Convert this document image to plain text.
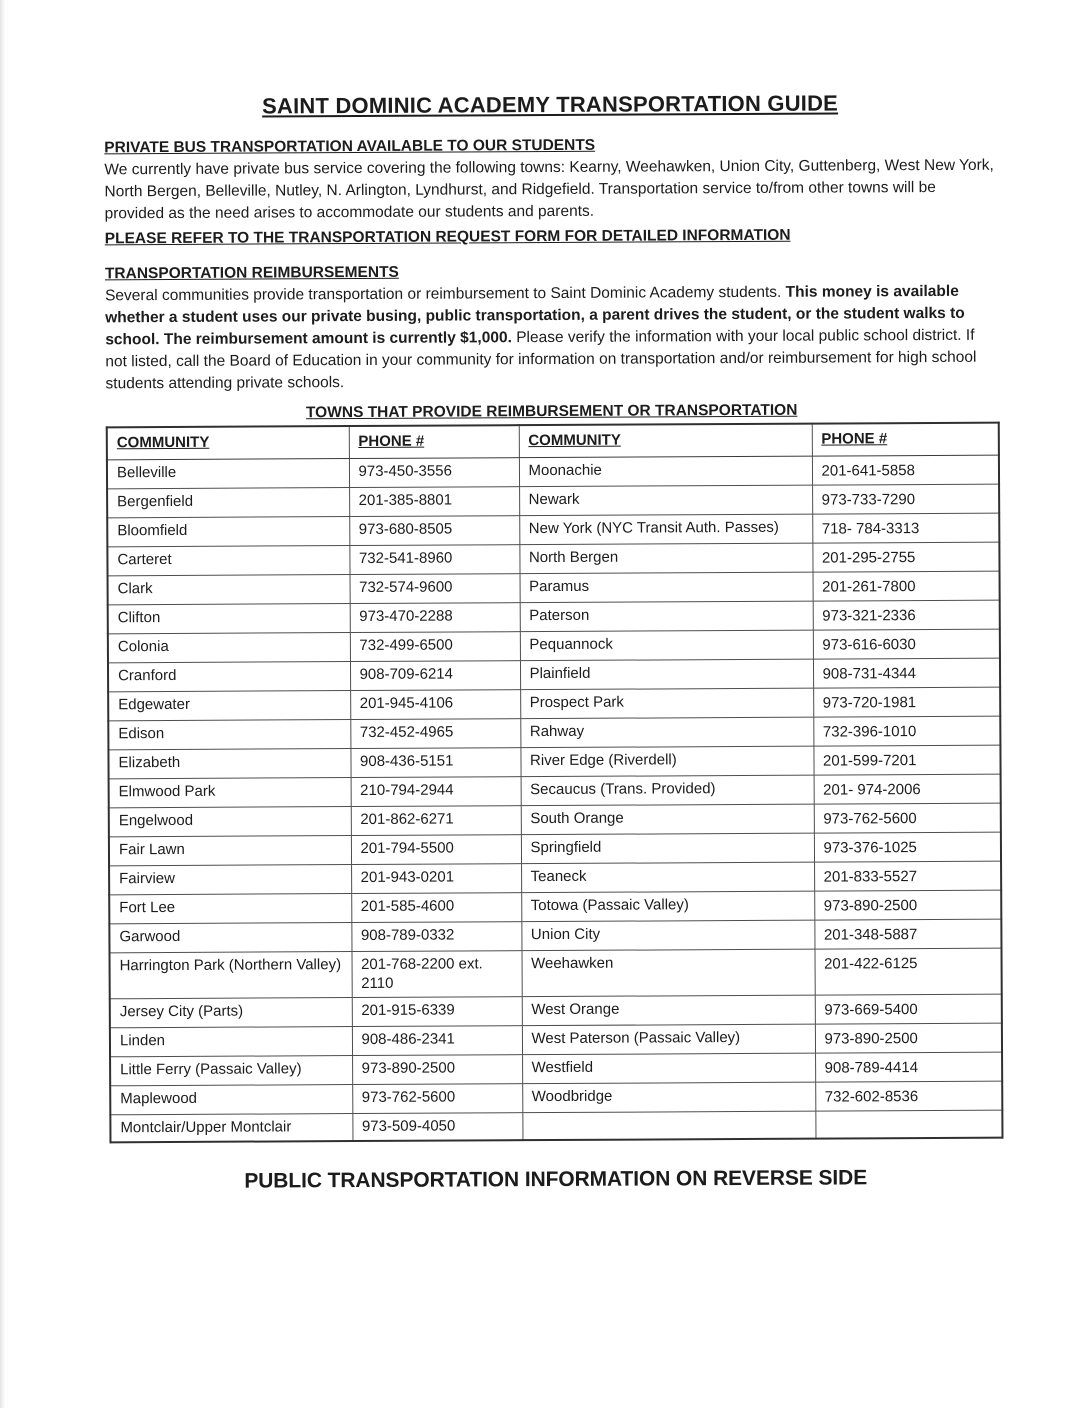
SAINT DOMINIC ACADEMY TRANSPORTATION GUIDE
PRIVATE BUS TRANSPORTATION AVAILABLE TO OUR STUDENTS

We currently have private bus service covering the following towns: Kearny, Weehawken, Union City, Guttenberg, West New York, North Bergen, Belleville, Nutley, N. Arlington, Lyndhurst, and Ridgefield. Transportation service to/from other towns will be provided as the need arises to accommodate our students and parents.

PLEASE REFER TO THE TRANSPORTATION REQUEST FORM FOR DETAILED INFORMATION
TRANSPORTATION REIMBURSEMENTS

Several communities provide transportation or reimbursement to Saint Dominic Academy students. This money is available whether a student uses our private busing, public transportation, a parent drives the student, or the student walks to school. The reimbursement amount is currently $1,000. Please verify the information with your local public school district. If not listed, call the Board of Education in your community for information on transportation and/or reimbursement for high school students attending private schools.

TOWNS THAT PROVIDE REIMBURSEMENT OR TRANSPORTATION
COMMUNITY	PHONE #	COMMUNITY	PHONE #
Belleville	973-450-3556	Moonachie	201-641-5858
Bergenfield	201-385-8801	Newark	973-733-7290
Bloomfield	973-680-8505	New York (NYC Transit Auth. Passes)	718- 784-3313
Carteret	732-541-8960	North Bergen	201-295-2755
Clark	732-574-9600	Paramus	201-261-7800
Clifton	973-470-2288	Paterson	973-321-2336
Colonia	732-499-6500	Pequannock	973-616-6030
Cranford	908-709-6214	Plainfield	908-731-4344
Edgewater	201-945-4106	Prospect Park	973-720-1981
Edison	732-452-4965	Rahway	732-396-1010
Elizabeth	908-436-5151	River Edge (Riverdell)	201-599-7201
Elmwood Park	210-794-2944	Secaucus (Trans. Provided)	201- 974-2006
Engelwood	201-862-6271	South Orange	973-762-5600
Fair Lawn	201-794-5500	Springfield	973-376-1025
Fairview	201-943-0201	Teaneck	201-833-5527
Fort Lee	201-585-4600	Totowa (Passaic Valley)	973-890-2500
Garwood	908-789-0332	Union City	201-348-5887
Harrington Park (Northern Valley)	201-768-2200 ext. 2110	Weehawken	201-422-6125
Jersey City (Parts)	201-915-6339	West Orange	973-669-5400
Linden	908-486-2341	West Paterson (Passaic Valley)	973-890-2500
Little Ferry (Passaic Valley)	973-890-2500	Westfield	908-789-4414
Maplewood	973-762-5600	Woodbridge	732-602-8536
Montclair/Upper Montclair	973-509-4050		
PUBLIC TRANSPORTATION INFORMATION ON REVERSE SIDE
